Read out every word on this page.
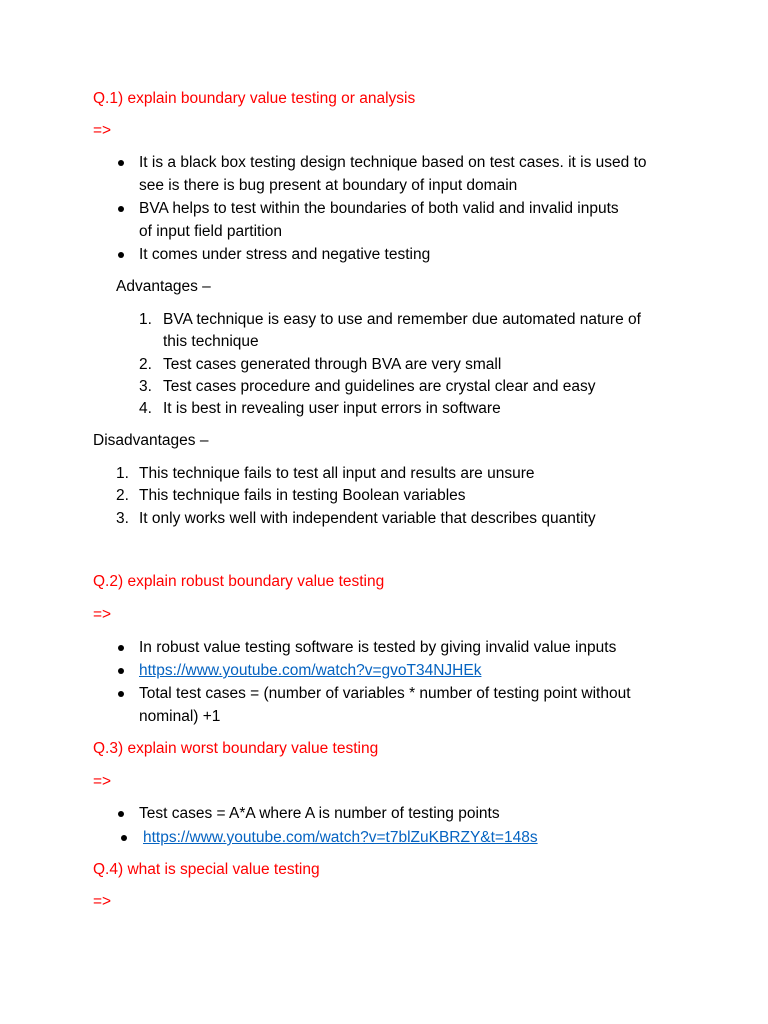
Q.1) explain boundary value testing or analysis
=>
It is a black box testing design technique based on test cases. it is used to
see is there is bug present at boundary of input domain
BVA helps to test within the boundaries of both valid and invalid inputs
of input field partition
It comes under stress and negative testing
Advantages –
1. BVA technique is easy to use and remember due automated nature of
this technique
2. Test cases generated through BVA are very small
3. Test cases procedure and guidelines are crystal clear and easy
4. It is best in revealing user input errors in software
Disadvantages –
1. This technique fails to test all input and results are unsure
2. This technique fails in testing Boolean variables
3. It only works well with independent variable that describes quantity
Q.2) explain robust boundary value testing
=>
In robust value testing software is tested by giving invalid value inputs
https://www.youtube.com/watch?v=gvoT34NJHEk
Total test cases = (number of variables * number of testing point without
nominal) +1
Q.3) explain worst boundary value testing
=>
Test cases = A*A where A is number of testing points
https://www.youtube.com/watch?v=t7blZuKBRZY&t=148s
Q.4) what is special value testing
=>
